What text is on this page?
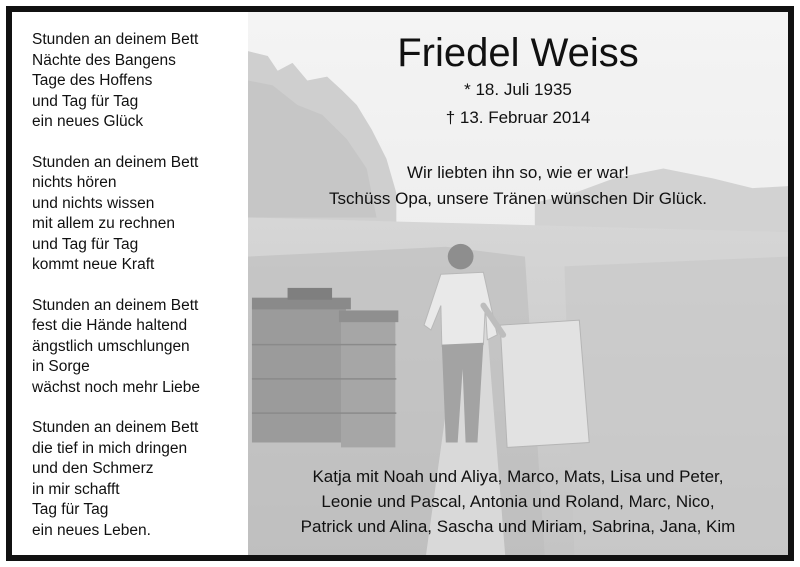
Stunden an deinem Bett
Nächte des Bangens
Tage des Hoffens
und Tag für Tag
ein neues Glück
Stunden an deinem Bett
nichts hören
und nichts wissen
mit allem zu rechnen
und Tag für Tag
kommt neue Kraft
Stunden an deinem Bett
fest die Hände haltend
ängstlich umschlungen
in Sorge
wächst noch mehr Liebe
Stunden an deinem Bett
die tief in mich dringen
und den Schmerz
in mir schafft
Tag für Tag
ein neues Leben.
Friedel Weiss
* 18. Juli 1935
† 13. Februar 2014
Wir liebten ihn so, wie er war!
Tschüss Opa, unsere Tränen wünschen Dir Glück.
Katja mit Noah und Aliya, Marco, Mats, Lisa und Peter,
Leonie und Pascal, Antonia und Roland, Marc, Nico,
Patrick und Alina, Sascha und Miriam, Sabrina, Jana, Kim
